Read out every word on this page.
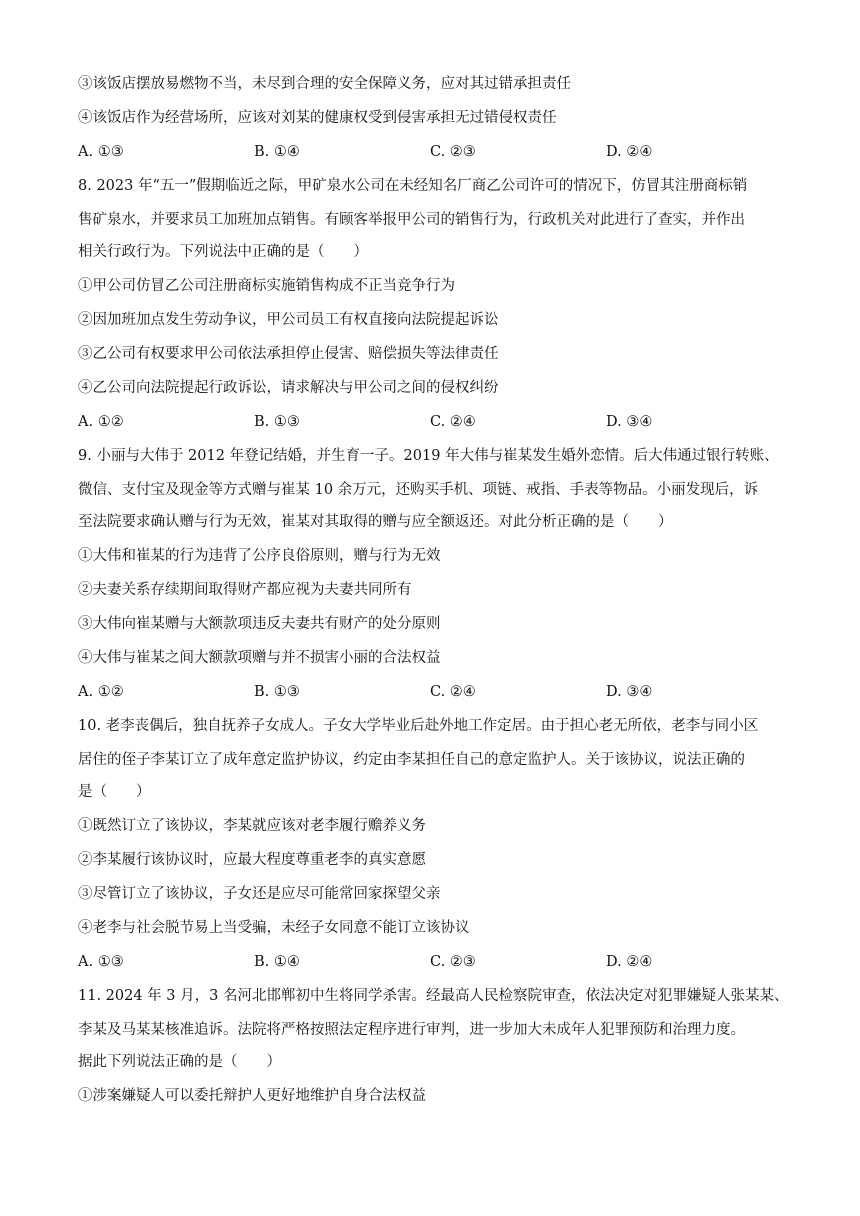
③该饭店摆放易燃物不当，未尽到合理的安全保障义务，应对其过错承担责任
④该饭店作为经营场所，应该对刘某的健康权受到侵害承担无过错侵权责任
A. ①③	B. ①④	C. ②③	D. ②④
8. 2023 年“五一”假期临近之际，甲矿泉水公司在未经知名厂商乙公司许可的情况下，仿冒其注册商标销
售矿泉水，并要求员工加班加点销售。有顾客举报甲公司的销售行为，行政机关对此进行了查实，并作出
相关行政行为。下列说法中正确的是（　　）
①甲公司仿冒乙公司注册商标实施销售构成不正当竞争行为
②因加班加点发生劳动争议，甲公司员工有权直接向法院提起诉讼
③乙公司有权要求甲公司依法承担停止侵害、赔偿损失等法律责任
④乙公司向法院提起行政诉讼，请求解决与甲公司之间的侵权纠纷
A. ①②	B. ①③	C. ②④	D. ③④
9. 小丽与大伟于 2012 年登记结婚，并生育一子。2019 年大伟与崔某发生婚外恋情。后大伟通过银行转账、
微信、支付宝及现金等方式赠与崔某 10 余万元，还购买手机、项链、戒指、手表等物品。小丽发现后，诉
至法院要求确认赠与行为无效，崔某对其取得的赠与应全额返还。对此分析正确的是（　　）
①大伟和崔某的行为违背了公序良俗原则，赠与行为无效
②夫妻关系存续期间取得财产都应视为夫妻共同所有
③大伟向崔某赠与大额款项违反夫妻共有财产的处分原则
④大伟与崔某之间大额款项赠与并不损害小丽的合法权益
A. ①②	B. ①③	C. ②④	D. ③④
10. 老李丧偶后，独自抚养子女成人。子女大学毕业后赴外地工作定居。由于担心老无所依，老李与同小区
居住的侄子李某订立了成年意定监护协议，约定由李某担任自己的意定监护人。关于该协议，说法正确的
是（　　）
①既然订立了该协议，李某就应该对老李履行赡养义务
②李某履行该协议时，应最大程度尊重老李的真实意愿
③尽管订立了该协议，子女还是应尽可能常回家探望父亲
④老李与社会脱节易上当受骗，未经子女同意不能订立该协议
A. ①③	B. ①④	C. ②③	D. ②④
11. 2024 年 3 月，3 名河北邯郸初中生将同学杀害。经最高人民检察院审查，依法决定对犯罪嫌疑人张某某、
李某及马某某核准追诉。法院将严格按照法定程序进行审判，进一步加大未成年人犯罪预防和治理力度。
据此下列说法正确的是（　　）
①涉案嫌疑人可以委托辩护人更好地维护自身合法权益
